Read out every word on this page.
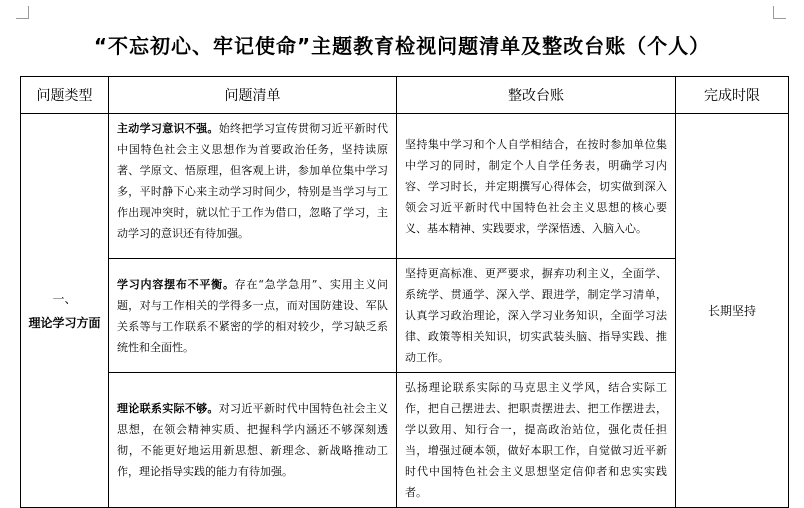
“不忘初心、牢记使命”主题教育检视问题清单及整改台账（个人）
问题类型	问题清单	整改台账	完成时限

一、
理论学习方面	主动学习意识不强。始终把学习宣传贯彻习近平新时代中国特色社会主义思想作为首要政治任务，坚持读原著、学原文、悟原理，但客观上讲，参加单位集中学习多，平时静下心来主动学习时间少，特别是当学习与工作出现冲突时，就以忙于工作为借口，忽略了学习，主动学习的意识还有待加强。	坚持集中学习和个人自学相结合，在按时参加单位集中学习的同时，制定个人自学任务表，明确学习内容、学习时长，并定期撰写心得体会，切实做到深入领会习近平新时代中国特色社会主义思想的核心要义、基本精神、实践要求，学深悟透、入脑入心。	长期坚持
	学习内容摆布不平衡。存在“急学急用”、实用主义问题，对与工作相关的学得多一点，而对国防建设、军队关系等与工作联系不紧密的学的相对较少，学习缺乏系统性和全面性。	坚持更高标准、更严要求，摒弃功利主义，全面学、系统学、贯通学、深入学、跟进学，制定学习清单，认真学习政治理论，深入学习业务知识，全面学习法律、政策等相关知识，切实武装头脑、指导实践、推动工作。	
	理论联系实际不够。对习近平新时代中国特色社会主义思想，在领会精神实质、把握科学内涵还不够深刻透彻，不能更好地运用新思想、新理念、新战略推动工作，理论指导实践的能力有待加强。	弘扬理论联系实际的马克思主义学风，结合实际工作，把自己摆进去、把职责摆进去、把工作摆进去，学以致用、知行合一，提高政治站位，强化责任担当，增强过硬本领，做好本职工作，自觉做习近平新时代中国特色社会主义思想坚定信仰者和忠实实践者。	
